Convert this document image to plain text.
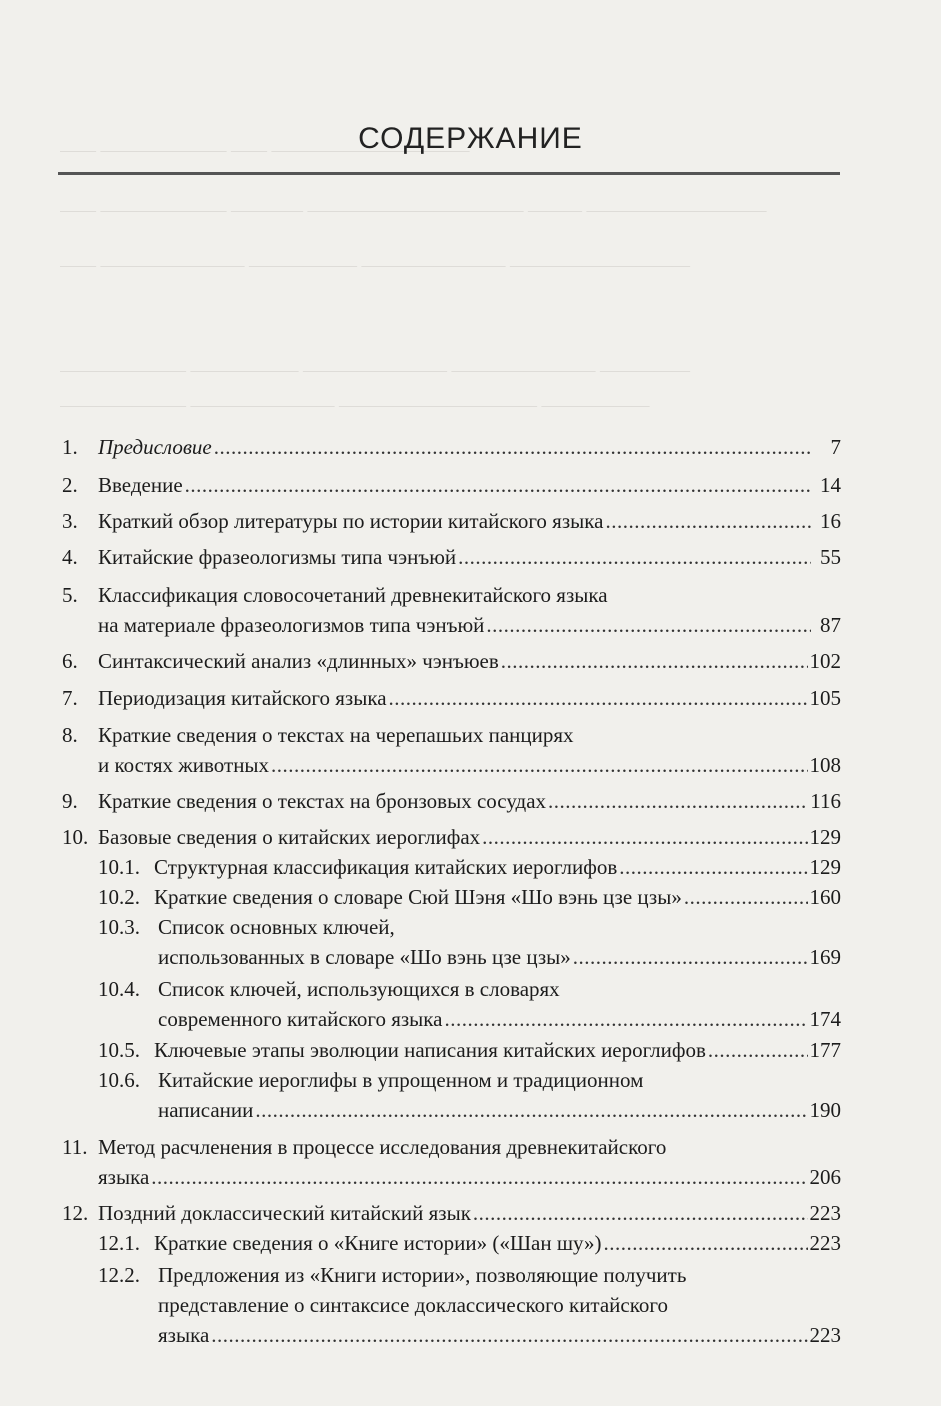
—— ——————— —— ———————————
—— ——————— ———— ———————————— ——— ——————————
—— ———————— —————— ———————— ——————————
——————— —————— ———————— ———————— —————
——————— ———————— ——————————— ——————
СОДЕРЖАНИЕ
1. Предисловие .....	7
2. Введение .....	14
3. Краткий обзор литературы по истории китайского языка .....	16
4. Китайские фразеологизмы типа чэнъюй .....	55
5. Классификация словосочетаний древнекитайского языка
на материале фразеологизмов типа чэнъюй .....	87
6. Синтаксический анализ «длинных» чэнъюев .....	102
7. Периодизация китайского языка .....	105
8. Краткие сведения о текстах на черепашьих панцирях
и костях животных .....	108
9. Краткие сведения о текстах на бронзовых сосудах .....	116
10. Базовые сведения о китайских иероглифах .....	129
10.1. Структурная классификация китайских иероглифов .....	129
10.2. Краткие сведения о словаре Сюй Шэня «Шо вэнь цзе цзы» .....	160
10.3. Список основных ключей,
использованных в словаре «Шо вэнь цзе цзы» .....	169
10.4. Список ключей, использующихся в словарях
современного китайского языка .....	174
10.5. Ключевые этапы эволюции написания китайских иероглифов .....	177
10.6. Китайские иероглифы в упрощенном и традиционном
написании .....	190
11. Метод расчленения в процессе исследования древнекитайского
языка .....	206
12. Поздний доклассический китайский язык .....	223
12.1. Краткие сведения о «Книге истории» («Шан шу») .....	223
12.2. Предложения из «Книги истории», позволяющие получить
представление о синтаксисе доклассического китайского
языка .....	223
